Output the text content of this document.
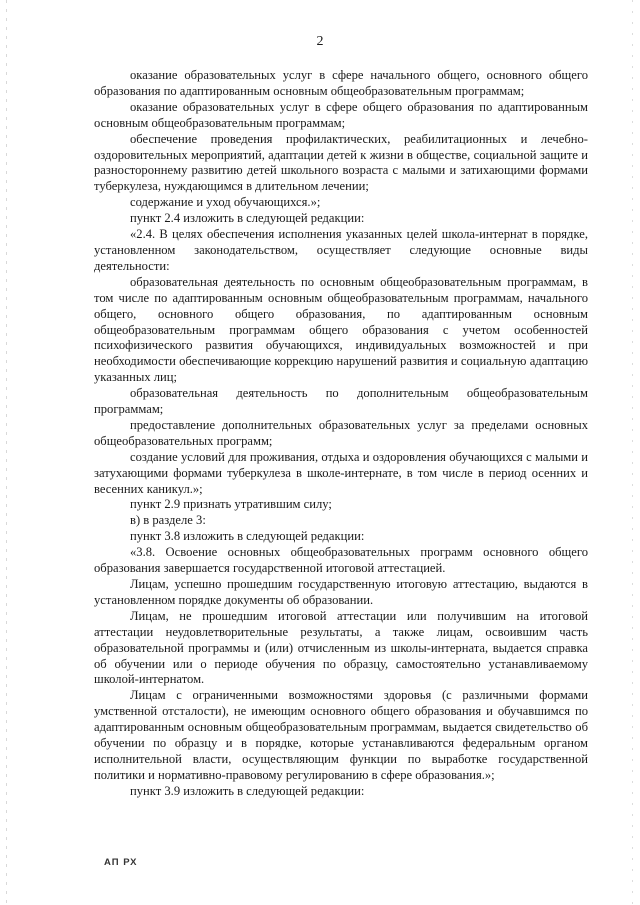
2

оказание образовательных услуг в сфере начального общего, основного общего образования по адаптированным основным общеобразовательным программам;

оказание образовательных услуг в сфере общего образования по адаптированным основным общеобразовательным программам;

обеспечение проведения профилактических, реабилитационных и лечебно-оздоровительных мероприятий, адаптации детей к жизни в обществе, социальной защите и разностороннему развитию детей школьного возраста с малыми и затихающими формами туберкулеза, нуждающимся в длительном лечении;

содержание и уход обучающихся.»;

пункт 2.4 изложить в следующей редакции:

«2.4. В целях обеспечения исполнения указанных целей школа-интернат в порядке, установленном законодательством, осуществляет следующие основные виды деятельности:

образовательная деятельность по основным общеобразовательным программам, в том числе по адаптированным основным общеобразовательным программам, начального общего, основного общего образования, по адаптированным основным общеобразовательным программам общего образования с учетом особенностей психофизического развития обучающихся, индивидуальных возможностей и при необходимости обеспечивающие коррекцию нарушений развития и социальную адаптацию указанных лиц;

образовательная деятельность по дополнительным общеобразовательным программам;

предоставление дополнительных образовательных услуг за пределами основных общеобразовательных программ;

создание условий для проживания, отдыха и оздоровления обучающихся с малыми и затухающими формами туберкулеза в школе-интернате, в том числе в период осенних и весенних каникул.»;

пункт 2.9 признать утратившим силу;

в) в разделе 3:

пункт 3.8 изложить в следующей редакции:

«3.8. Освоение основных общеобразовательных программ основного общего образования завершается государственной итоговой аттестацией.

Лицам, успешно прошедшим государственную итоговую аттестацию, выдаются в установленном порядке документы об образовании.

Лицам, не прошедшим итоговой аттестации или получившим на итоговой аттестации неудовлетворительные результаты, а также лицам, освоившим часть образовательной программы и (или) отчисленным из школы-интерната, выдается справка об обучении или о периоде обучения по образцу, самостоятельно устанавливаемому школой-интернатом.

Лицам с ограниченными возможностями здоровья (с различными формами умственной отсталости), не имеющим основного общего образования и обучавшимся по адаптированным основным общеобразовательным программам, выдается свидетельство об обучении по образцу и в порядке, которые устанавливаются федеральным органом исполнительной власти, осуществляющим функции по выработке государственной политики и нормативно-правовому регулированию в сфере образования.»;

пункт 3.9 изложить в следующей редакции:

АП РХ
